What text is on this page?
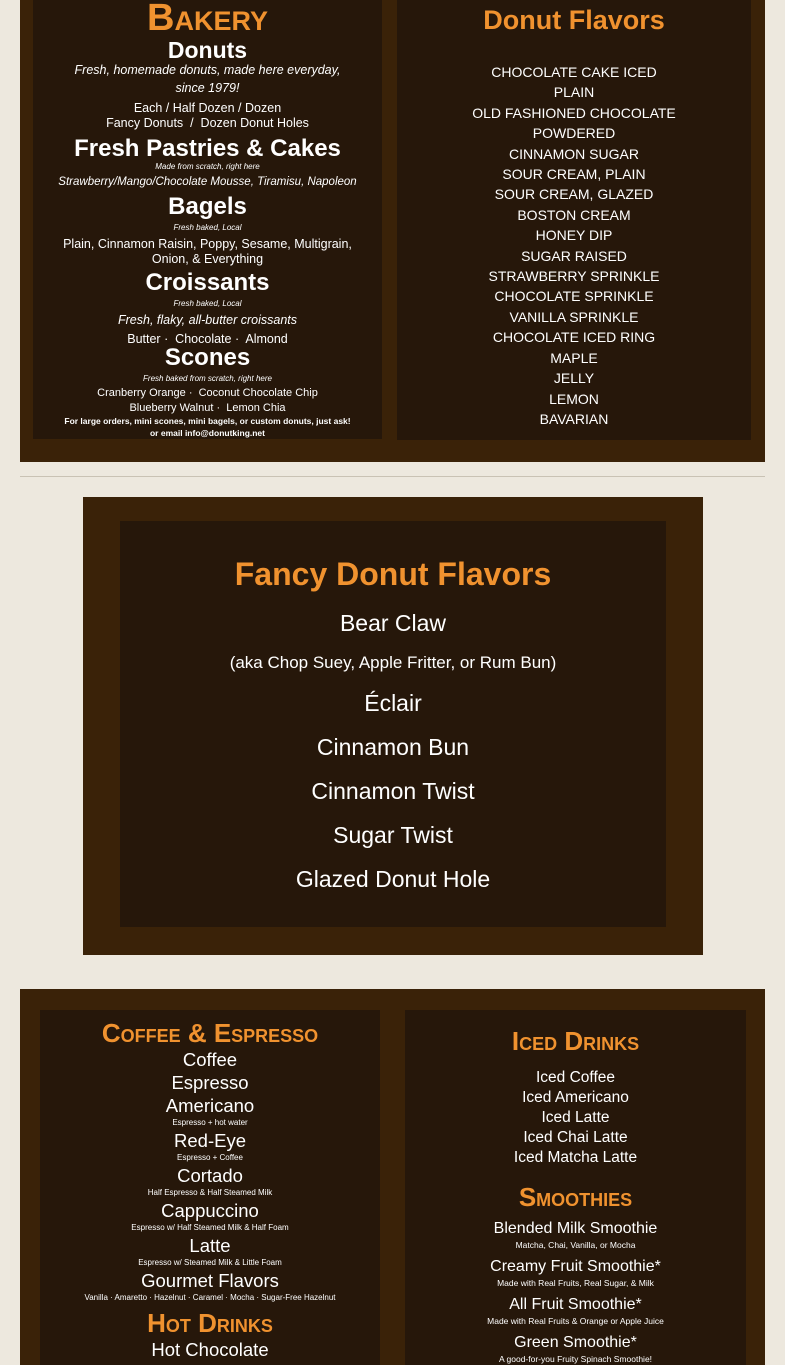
Bakery
Donuts
Fresh, homemade donuts, made here everyday,
since 1979!
Each / Half Dozen / Dozen
Fancy Donuts  /  Dozen Donut Holes
Fresh Pastries & Cakes
Made from scratch, right here
Strawberry/Mango/Chocolate Mousse, Tiramisu, Napoleon
Bagels
Fresh baked, Local
Plain, Cinnamon Raisin, Poppy, Sesame, Multigrain,
Onion, & Everything
Croissants
Fresh baked, Local
Fresh, flaky, all-butter croissants
Butter ·  Chocolate ·  Almond
Scones
Fresh baked from scratch, right here
Cranberry Orange ·  Coconut Chocolate Chip
Blueberry Walnut ·  Lemon Chia
For large orders, mini scones, mini bagels, or custom donuts, just ask!
or email info@donutking.net
Donut Flavors
CHOCOLATE CAKE ICED
PLAIN
OLD FASHIONED CHOCOLATE
POWDERED
CINNAMON SUGAR
SOUR CREAM, PLAIN
SOUR CREAM, GLAZED
BOSTON CREAM
HONEY DIP
SUGAR RAISED
STRAWBERRY SPRINKLE
CHOCOLATE SPRINKLE
VANILLA SPRINKLE
CHOCOLATE ICED RING
MAPLE
JELLY
LEMON
BAVARIAN
Fancy Donut Flavors
Bear Claw
(aka Chop Suey, Apple Fritter, or Rum Bun)
Éclair
Cinnamon Bun
Cinnamon Twist
Sugar Twist
Glazed Donut Hole
Coffee & Espresso
Coffee
Espresso
Americano
Espresso + hot water
Red-Eye
Espresso + Coffee
Cortado
Half Espresso & Half Steamed Milk
Cappuccino
Espresso w/ Half Steamed Milk & Half Foam
Latte
Espresso w/ Steamed Milk & Little Foam
Gourmet Flavors
Vanilla · Amaretto · Hazelnut · Caramel · Mocha · Sugar-Free Hazelnut
Hot Drinks
Hot Chocolate
Iced Drinks
Iced Coffee
Iced Americano
Iced Latte
Iced Chai Latte
Iced Matcha Latte
Smoothies
Blended Milk Smoothie
Matcha, Chai, Vanilla, or Mocha
Creamy Fruit Smoothie*
Made with Real Fruits, Real Sugar, & Milk
All Fruit Smoothie*
Made with Real Fruits & Orange or Apple Juice
Green Smoothie*
A good-for-you Fruity Spinach Smoothie!
